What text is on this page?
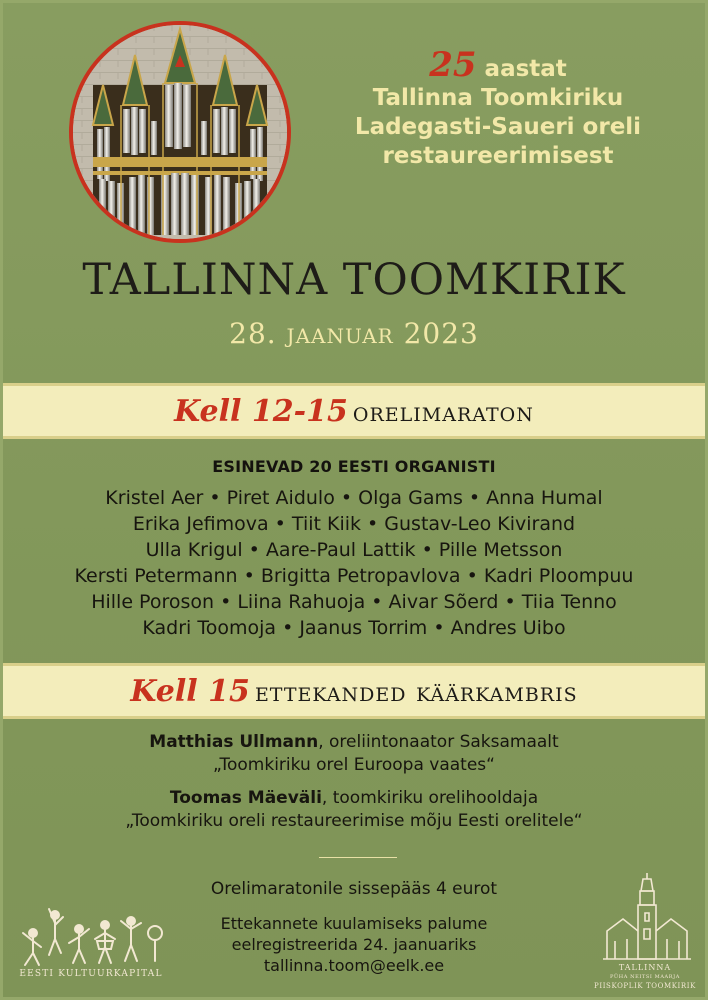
25 aastat
Tallinna Toomkiriku
Ladegasti-Saueri oreli
restaureerimisest
TALLINNA TOOMKIRIK
28. jaanuar 2023
Kell 12-15 orelimaraton
ESINEVAD 20 EESTI ORGANISTI
Kristel Aer • Piret Aidulo • Olga Gams • Anna Humal
Erika Jefimova • Tiit Kiik • Gustav-Leo Kivirand
Ulla Krigul • Aare-Paul Lattik • Pille Metsson
Kersti Petermann • Brigitta Petropavlova • Kadri Ploompuu
Hille Poroson • Liina Rahuoja • Aivar Sõerd • Tiia Tenno
Kadri Toomoja • Jaanus Torrim • Andres Uibo
Kell 15 ettekanded käärkambris
Matthias Ullmann, oreliintonaator Saksamaalt
„Toomkiriku orel Euroopa vaates“
Toomas Mäeväli, toomkiriku orelihooldaja
„Toomkiriku oreli restaureerimise mõju Eesti orelitele“
Orelimaratonile sissepääs 4 eurot
Ettekannete kuulamiseks palume
eelregistreerida 24. jaanuariks
tallinna.toom@eelk.ee
EESTI KULTUURKAPITAL
TALLINNA
PÜHA NEITSI MAARJA
PIISKOPLIK TOOMKIRIK
